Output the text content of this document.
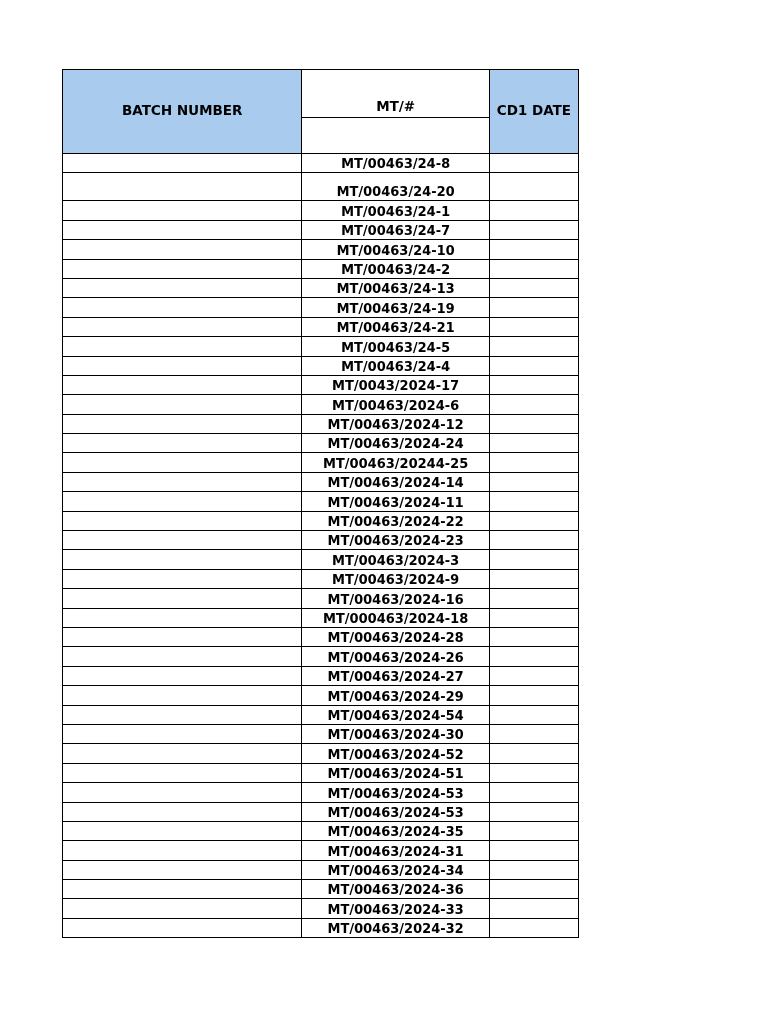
BATCH NUMBER	MT/#	CD1 DATE

	MT/00463/24-8	
	MT/00463/24-20	
	MT/00463/24-1	
	MT/00463/24-7	
	MT/00463/24-10	
	MT/00463/24-2	
	MT/00463/24-13	
	MT/00463/24-19	
	MT/00463/24-21	
	MT/00463/24-5	
	MT/00463/24-4	
	MT/0043/2024-17	
	MT/00463/2024-6	
	MT/00463/2024-12	
	MT/00463/2024-24	
	MT/00463/20244-25	
	MT/00463/2024-14	
	MT/00463/2024-11	
	MT/00463/2024-22	
	MT/00463/2024-23	
	MT/00463/2024-3	
	MT/00463/2024-9	
	MT/00463/2024-16	
	MT/000463/2024-18	
	MT/00463/2024-28	
	MT/00463/2024-26	
	MT/00463/2024-27	
	MT/00463/2024-29	
	MT/00463/2024-54	
	MT/00463/2024-30	
	MT/00463/2024-52	
	MT/00463/2024-51	
	MT/00463/2024-53	
	MT/00463/2024-53	
	MT/00463/2024-35	
	MT/00463/2024-31	
	MT/00463/2024-34	
	MT/00463/2024-36	
	MT/00463/2024-33	
	MT/00463/2024-32	
